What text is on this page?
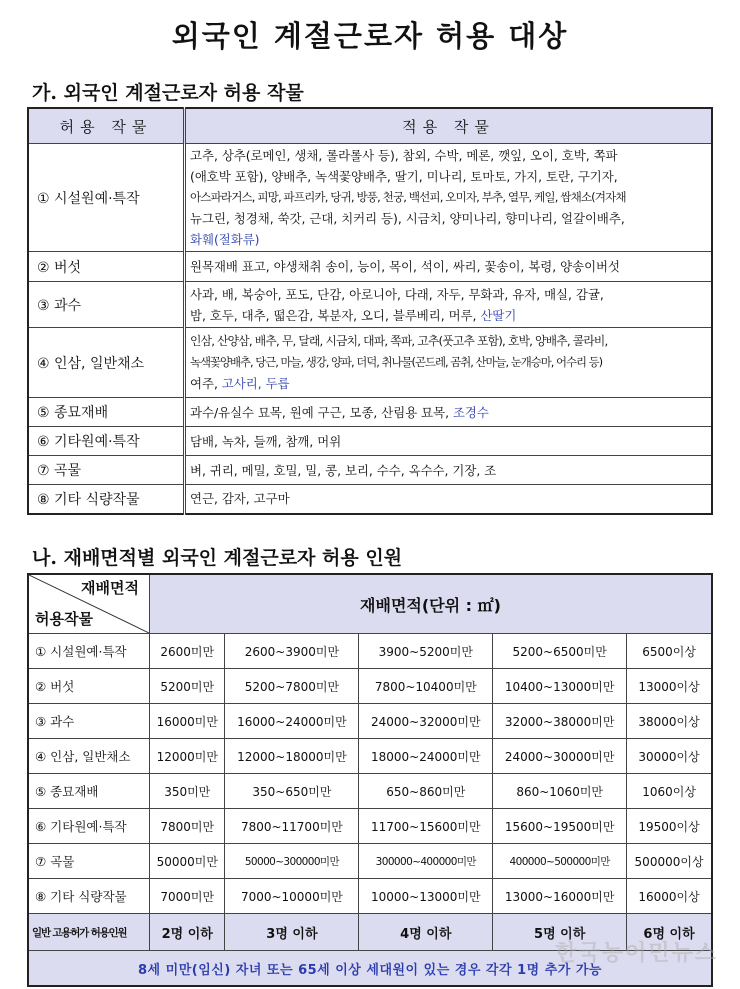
외국인 계절근로자 허용 대상
가. 외국인 계절근로자 허용 작물
허용 작물	적용 작물
① 시설원예·특작	고추, 상추(로메인, 생채, 롤라롤사 등), 참외, 수박, 메론, 깻잎, 오이, 호박, 쪽파
(애호박 포함), 양배추, 녹색꽃양배추, 딸기, 미나리, 토마토, 가지, 토란, 구기자,
아스파라거스, 피망, 파프리카, 당귀, 방풍, 천궁, 백선피, 오미자, 부추, 열무, 케일, 쌈채소(겨자채
뉴그린, 청경채, 쑥갓, 근대, 치커리 등), 시금치, 양미나리, 향미나리, 얼갈이배추,
화훼(절화류)

② 버섯	원목재배 표고, 야생채취 송이, 능이, 목이, 석이, 싸리, 꽃송이, 복령, 양송이버섯
③ 과수	사과, 배, 복숭아, 포도, 단감, 아로니아, 다래, 자두, 무화과, 유자, 매실, 감귤,
밤, 호두, 대추, 떫은감, 복분자, 오디, 블루베리, 머루, 산딸기

④ 인삼, 일반채소	인삼, 산양삼, 배추, 무, 달래, 시금치, 대파, 쪽파, 고추(풋고추 포함), 호박, 양배추, 콜라비,
녹색꽃양배추, 당근, 마늘, 생강, 양파, 더덕, 취나물(곤드레, 곰취, 산마늘, 눈개승마, 어수리 등)
여주, 고사리, 두릅

⑤ 종묘재배	과수/유실수 묘목, 원예 구근, 모종, 산림용 묘목, 조경수
⑥ 기타원예·특작	담배, 녹차, 들깨, 참깨, 머위
⑦ 곡물	벼, 귀리, 메밀, 호밀, 밀, 콩, 보리, 수수, 옥수수, 기장, 조
⑧ 기타 식량작물	연근, 감자, 고구마
나. 재배면적별 외국인 계절근로자 허용 인원
재배면적
허용작물	재배면적(단위 : ㎡)				
① 시설원예·특작	2600미만	2600~3900미만	3900~5200미만	5200~6500미만	6500이상
② 버섯	5200미만	5200~7800미만	7800~10400미만	10400~13000미만	13000이상
③ 과수	16000미만	16000~24000미만	24000~32000미만	32000~38000미만	38000이상
④ 인삼, 일반채소	12000미만	12000~18000미만	18000~24000미만	24000~30000미만	30000이상
⑤ 종묘재배	350미만	350~650미만	650~860미만	860~1060미만	1060이상
⑥ 기타원예·특작	7800미만	7800~11700미만	11700~15600미만	15600~19500미만	19500이상
⑦ 곡물	50000미만	50000~300000미만	300000~400000미만	400000~500000미만	500000이상
⑧ 기타 식량작물	7000미만	7000~10000미만	10000~13000미만	13000~16000미만	16000이상
일반 고용허가 허용인원	2명 이하	3명 이하	4명 이하	5명 이하	6명 이하
8세 미만(임신) 자녀 또는 65세 이상 세대원이 있는 경우 각각 1명 추가 가능					
한국농어민뉴스
